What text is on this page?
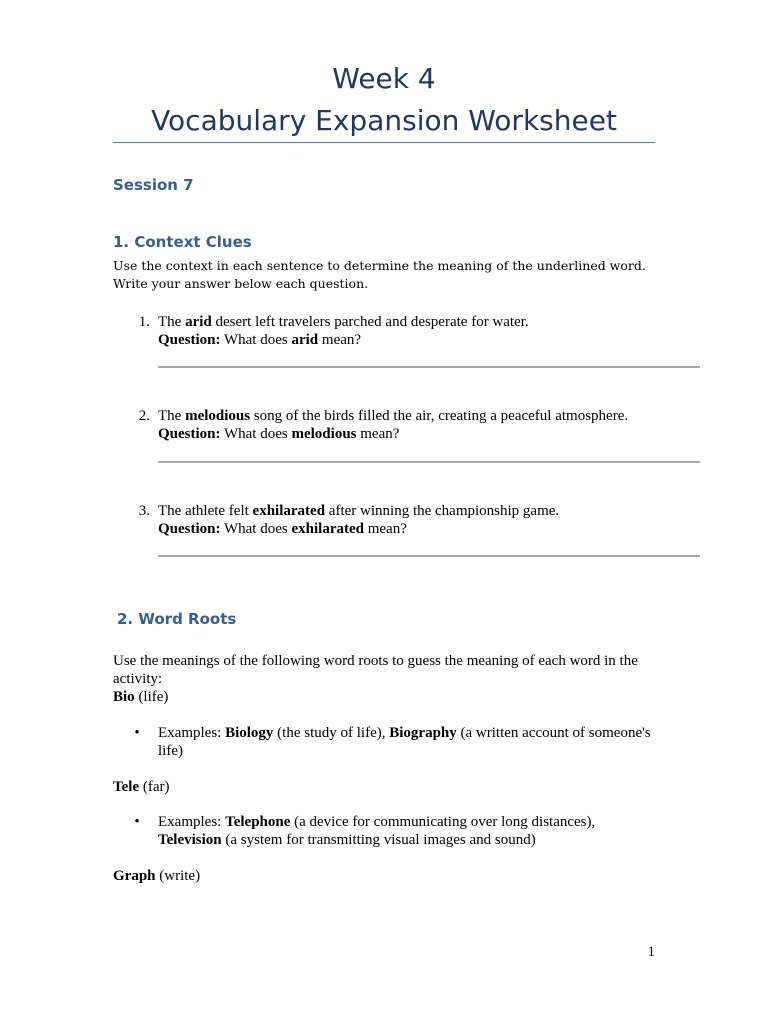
Week 4
Vocabulary Expansion Worksheet
Session 7
1. Context Clues
Use the context in each sentence to determine the meaning of the underlined word.
Write your answer below each question.
1. The arid desert left travelers parched and desperate for water.
Question: What does arid mean?
2. The melodious song of the birds filled the air, creating a peaceful atmosphere.
Question: What does melodious mean?
3. The athlete felt exhilarated after winning the championship game.
Question: What does exhilarated mean?
2. Word Roots
Use the meanings of the following word roots to guess the meaning of each word in the activity:
Bio (life)
• Examples: Biology (the study of life), Biography (a written account of someone's life)
Tele (far)
• Examples: Telephone (a device for communicating over long distances),
Television (a system for transmitting visual images and sound)
Graph (write)
1
